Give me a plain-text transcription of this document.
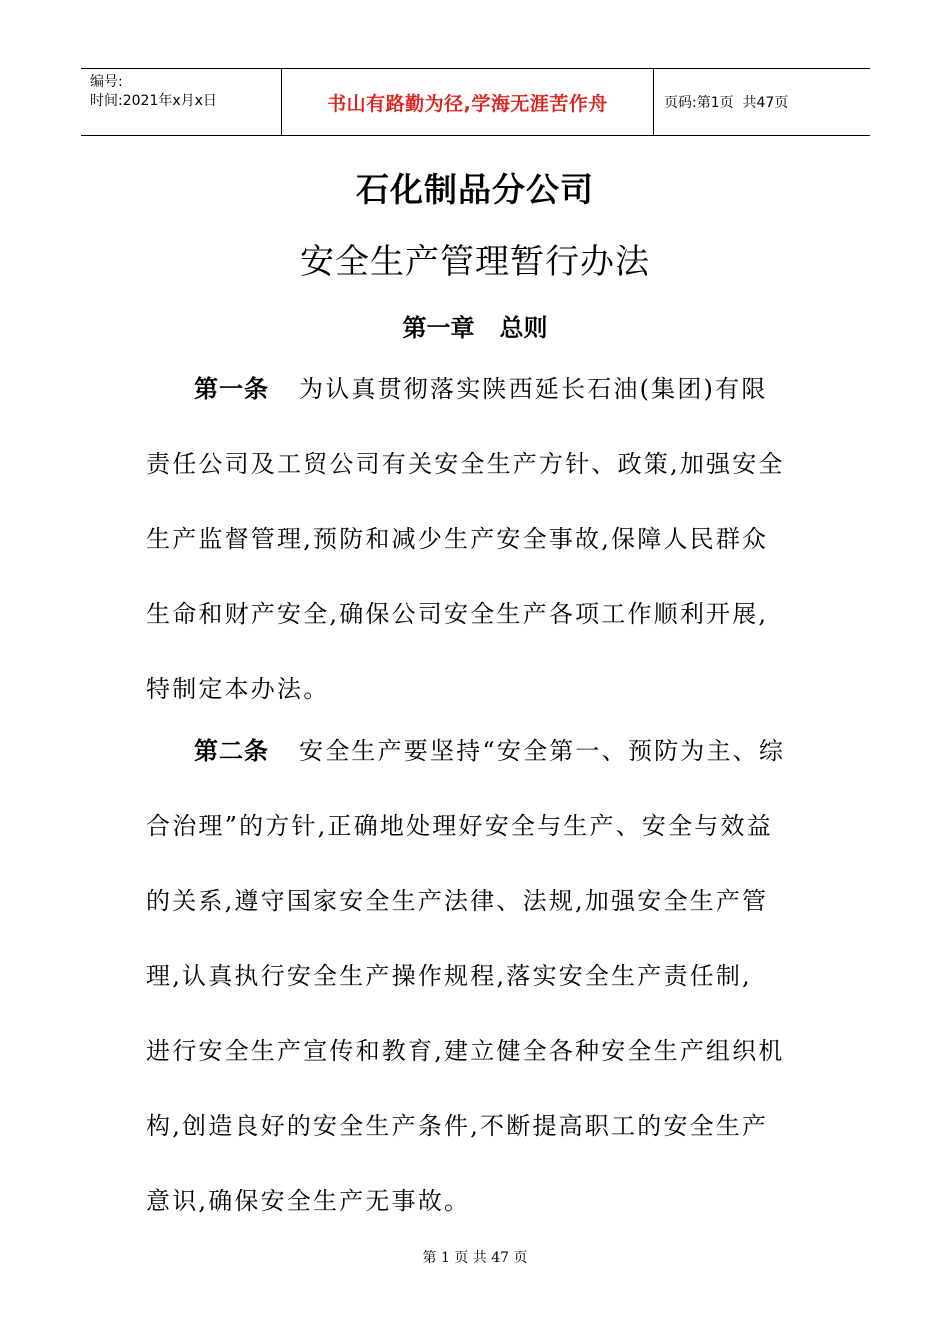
编号:
时间:2021年x月x日	书山有路勤为径,学海无涯苦作舟	页码:第1页  共47页
石化制品分公司
安全生产管理暂行办法
第一章   总则
第一条 为认真贯彻落实陕西延长石油(集团)有限
责任公司及工贸公司有关安全生产方针、政策,加强安全
生产监督管理,预防和减少生产安全事故,保障人民群众
生命和财产安全,确保公司安全生产各项工作顺利开展,
特制定本办法。
第二条 安全生产要坚持“安全第一、预防为主、综
合治理”的方针,正确地处理好安全与生产、安全与效益
的关系,遵守国家安全生产法律、法规,加强安全生产管
理,认真执行安全生产操作规程,落实安全生产责任制,
进行安全生产宣传和教育,建立健全各种安全生产组织机
构,创造良好的安全生产条件,不断提高职工的安全生产
意识,确保安全生产无事故。
第 1 页 共 47 页
